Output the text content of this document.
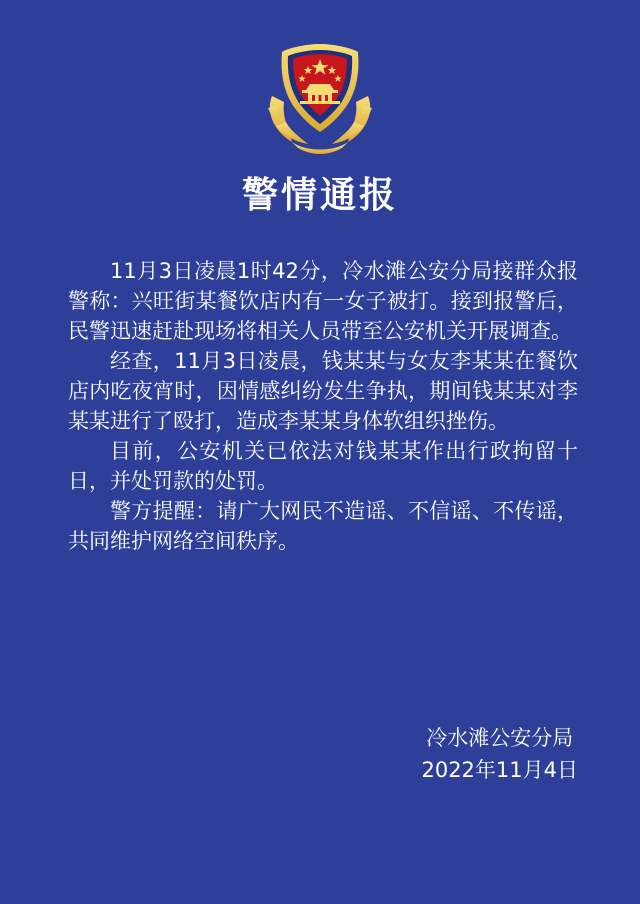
警情通报

11月3日凌晨1时42分，冷水滩公安分局接群众报警称：兴旺街某餐饮店内有一女子被打。接到报警后，民警迅速赶赴现场将相关人员带至公安机关开展调查。

经查，11月3日凌晨，钱某某与女友李某某在餐饮店内吃夜宵时，因情感纠纷发生争执，期间钱某某对李某某进行了殴打，造成李某某身体软组织挫伤。

目前，公安机关已依法对钱某某作出行政拘留十日，并处罚款的处罚。

警方提醒：请广大网民不造谣、不信谣、不传谣，共同维护网络空间秩序。

冷水滩公安分局
2022年11月4日
